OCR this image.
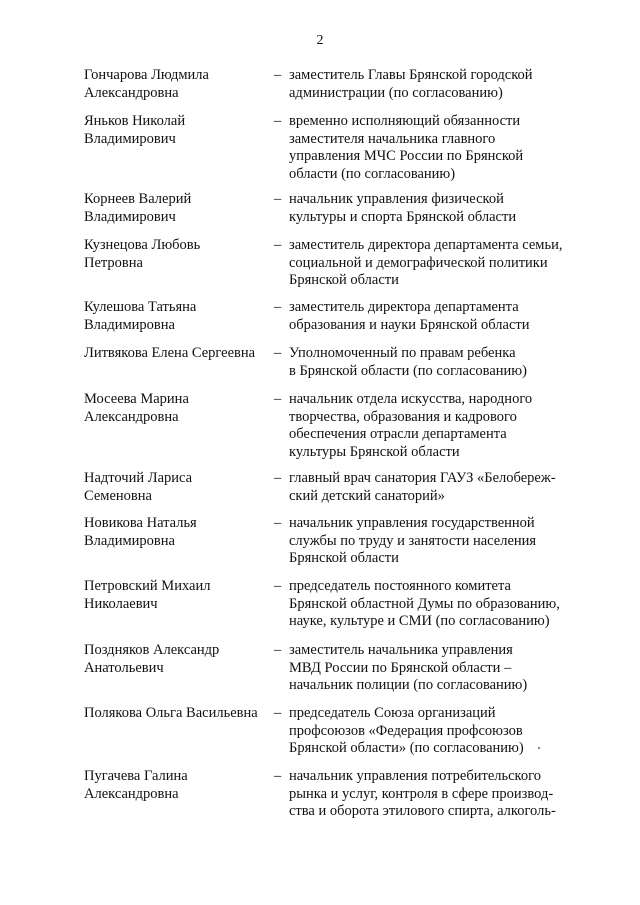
2
Гончарова Людмила
Александровна
– заместитель Главы Брянской городской
администрации (по согласованию)
Яньков Николай
Владимирович
– временно исполняющий обязанности
заместителя начальника главного
управления МЧС России по Брянской
области (по согласованию)
Корнеев Валерий
Владимирович
– начальник управления физической
культуры и спорта Брянской области
Кузнецова Любовь
Петровна
– заместитель директора департамента семьи,
социальной и демографической политики
Брянской области
Кулешова Татьяна
Владимировна
– заместитель директора департамента
образования и науки Брянской области
Литвякова Елена Сергеевна	– Уполномоченный по правам ребенка
в Брянской области (по согласованию)
Мосеева Марина
Александровна
– начальник отдела искусства, народного
творчества, образования и кадрового
обеспечения отрасли департамента
культуры Брянской области
Надточий Лариса
Семеновна
– главный врач санатория ГАУЗ «Белобереж-
ский детский санаторий»
Новикова Наталья
Владимировна
– начальник управления государственной
службы по труду и занятости населения
Брянской области
Петровский Михаил
Николаевич
– председатель постоянного комитета
Брянской областной Думы по образованию,
науке, культуре и СМИ (по согласованию)
Поздняков Александр
Анатольевич
– заместитель начальника управления
МВД России по Брянской области –
начальник полиции (по согласованию)
Полякова Ольга Васильевна	– председатель Союза организаций
профсоюзов «Федерация профсоюзов
Брянской области» (по согласованию)
Пугачева Галина
Александровна
– начальник управления потребительского
рынка и услуг, контроля в сфере производ-
ства и оборота этилового спирта, алкоголь-
